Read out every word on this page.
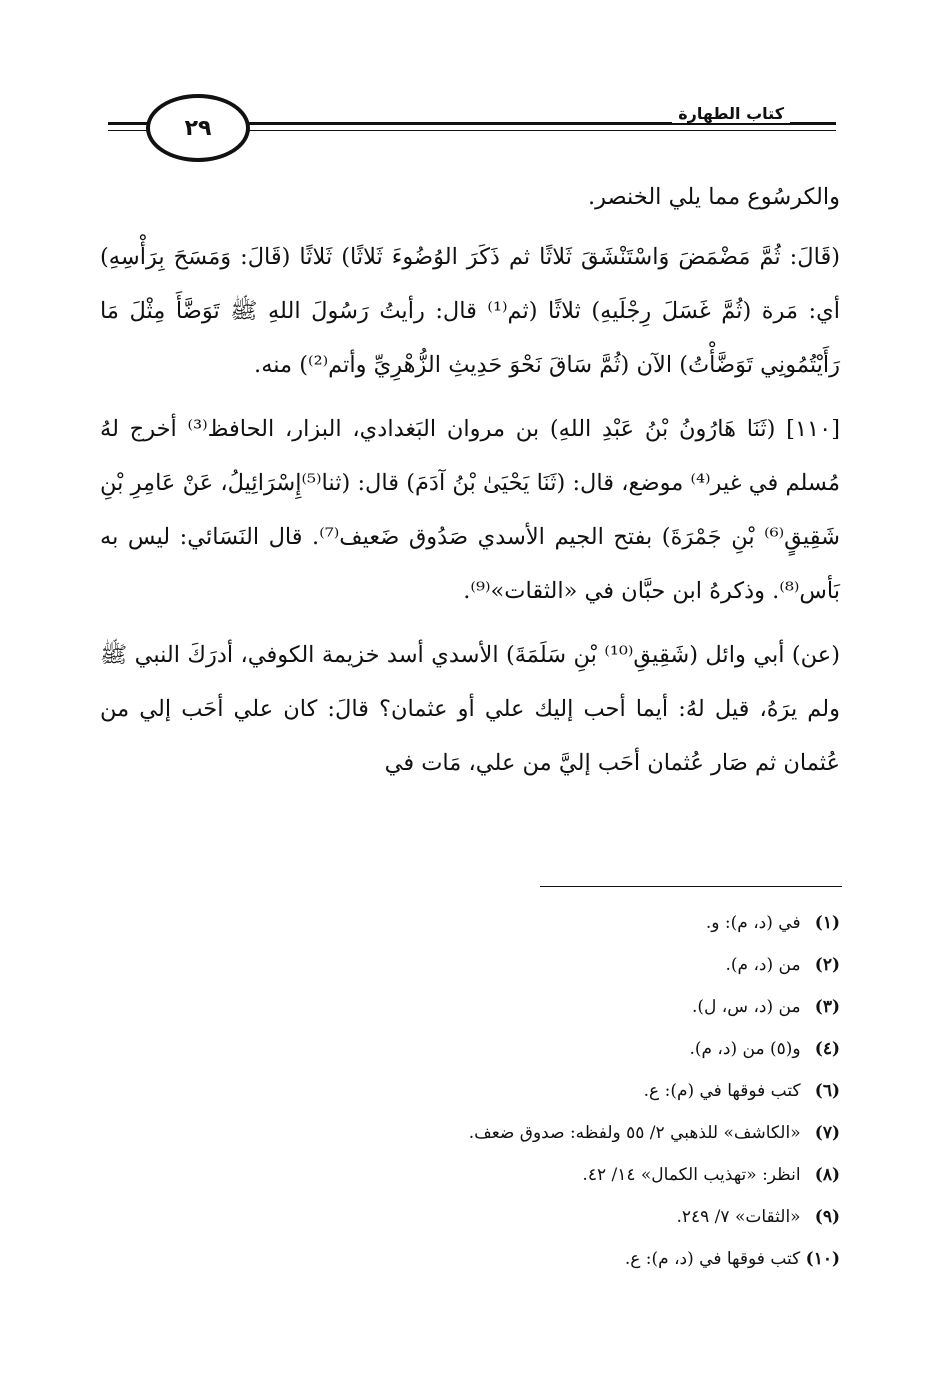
٢٩
كتاب الطهارة

والكرسُوع مما يلي الخنصر.

(قَالَ: ثُمَّ مَضْمَضَ وَاسْتَنْشَقَ ثَلاثًا ثم ذَكَرَ الوُضُوءَ ثَلاثًا) ثَلاثًا (قَالَ: وَمَسَحَ بِرَأْسِهِ) أي: مَرة (ثُمَّ غَسَلَ رِجْلَيهِ) ثلاثًا (ثم⁽¹⁾ قال: رأيتُ رَسُولَ اللهِ ﷺ تَوَضَّأَ مِثْلَ مَا رَأَيْتُمُونِي تَوَضَّأْتُ) الآن (ثُمَّ سَاقَ نَحْوَ حَدِيثِ الزُّهْرِيِّ وأتم⁽²⁾) منه.

[١١٠] (ثَنَا هَارُونُ بْنُ عَبْدِ اللهِ) بن مروان البَغدادي، البزار، الحافظ⁽³⁾ أخرج لهُ مُسلم في غير⁽⁴⁾ موضع، قال: (ثَنَا يَحْيَىٰ بْنُ آدَمَ) قال: (ثنا⁽⁵⁾إِسْرَائِيلُ، عَنْ عَامِرِ بْنِ شَقِيقٍ⁽⁶⁾ بْنِ جَمْرَةَ) بفتح الجيم الأسدي صَدُوق ضَعيف⁽⁷⁾. قال النَسَائي: ليس به بَأس⁽⁸⁾. وذكرهُ ابن حبَّان في «الثقات»⁽⁹⁾.

(عن) أبي وائل (شَقِيقِ⁽¹⁰⁾ بْنِ سَلَمَةَ) الأسدي أسد خزيمة الكوفي، أدرَكَ النبي ﷺ ولم يرَهُ، قيل لهُ: أيما أحب إليك علي أو عثمان؟ قالَ: كان علي أحَب إلي من عُثمان ثم صَار عُثمان أحَب إليَّ من علي، مَات في

(١) في (د، م): و.
(٢) من (د، م).
(٣) من (د، س، ل).
(٤) و(٥) من (د، م).
(٦) كتب فوقها في (م): ع.
(٧) «الكاشف» للذهبي ٢/ ٥٥ ولفظه: صدوق ضعف.
(٨) انظر: «تهذيب الكمال» ١٤/ ٤٢.
(٩) «الثقات» ٧/ ٢٤٩.
(١٠) كتب فوقها في (د، م): ع.
